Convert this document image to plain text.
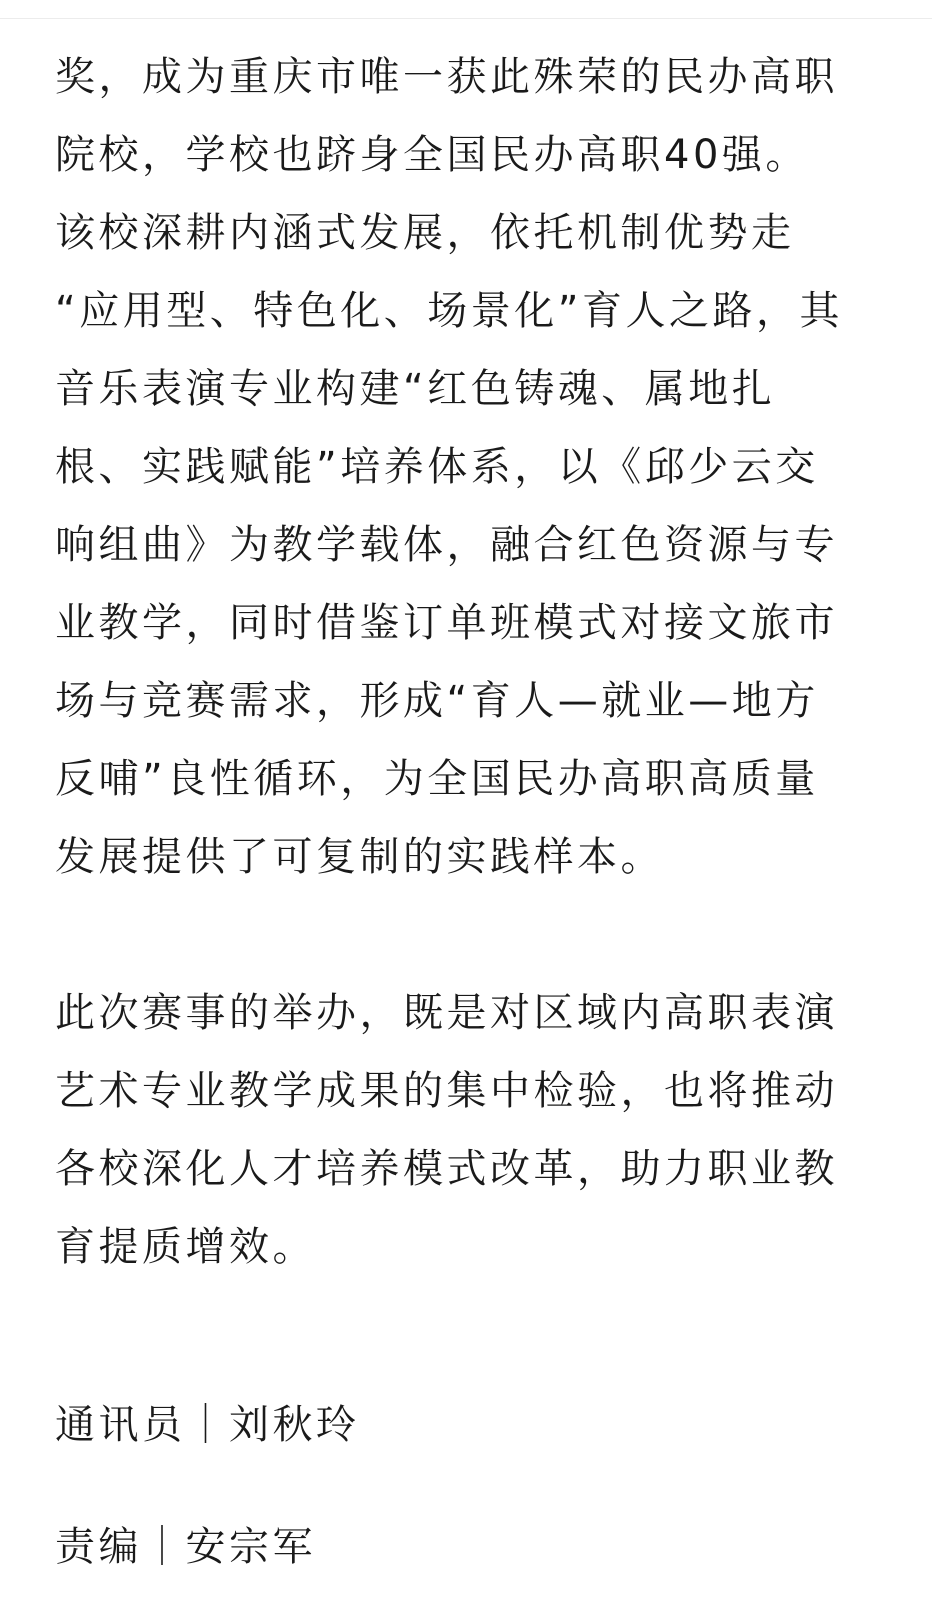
奖，成为重庆市唯一获此殊荣的民办高职
院校，学校也跻身全国民办高职40强。
该校深耕内涵式发展，依托机制优势走
“应用型、特色化、场景化”育人之路，其
音乐表演专业构建“红色铸魂、属地扎
根、实践赋能”培养体系，以《邱少云交
响组曲》为教学载体，融合红色资源与专
业教学，同时借鉴订单班模式对接文旅市
场与竞赛需求，形成“育人—就业—地方
反哺”良性循环，为全国民办高职高质量
发展提供了可复制的实践样本。
此次赛事的举办，既是对区域内高职表演
艺术专业教学成果的集中检验，也将推动
各校深化人才培养模式改革，助力职业教
育提质增效。
通讯员｜刘秋玲
责编｜安宗军
